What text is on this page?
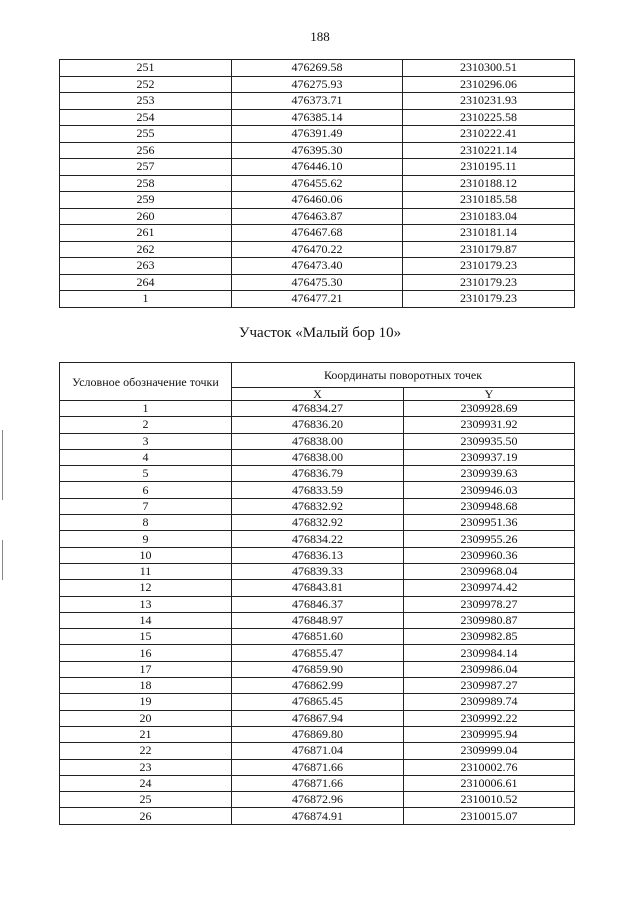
188
251	476269.58	2310300.51
252	476275.93	2310296.06
253	476373.71	2310231.93
254	476385.14	2310225.58
255	476391.49	2310222.41
256	476395.30	2310221.14
257	476446.10	2310195.11
258	476455.62	2310188.12
259	476460.06	2310185.58
260	476463.87	2310183.04
261	476467.68	2310181.14
262	476470.22	2310179.87
263	476473.40	2310179.23
264	476475.30	2310179.23
1	476477.21	2310179.23
Участок «Малый бор 10»
Условное обозначение точки	Координаты поворотных точек	
	X	Y
1	476834.27	2309928.69
2	476836.20	2309931.92
3	476838.00	2309935.50
4	476838.00	2309937.19
5	476836.79	2309939.63
6	476833.59	2309946.03
7	476832.92	2309948.68
8	476832.92	2309951.36
9	476834.22	2309955.26
10	476836.13	2309960.36
11	476839.33	2309968.04
12	476843.81	2309974.42
13	476846.37	2309978.27
14	476848.97	2309980.87
15	476851.60	2309982.85
16	476855.47	2309984.14
17	476859.90	2309986.04
18	476862.99	2309987.27
19	476865.45	2309989.74
20	476867.94	2309992.22
21	476869.80	2309995.94
22	476871.04	2309999.04
23	476871.66	2310002.76
24	476871.66	2310006.61
25	476872.96	2310010.52
26	476874.91	2310015.07
